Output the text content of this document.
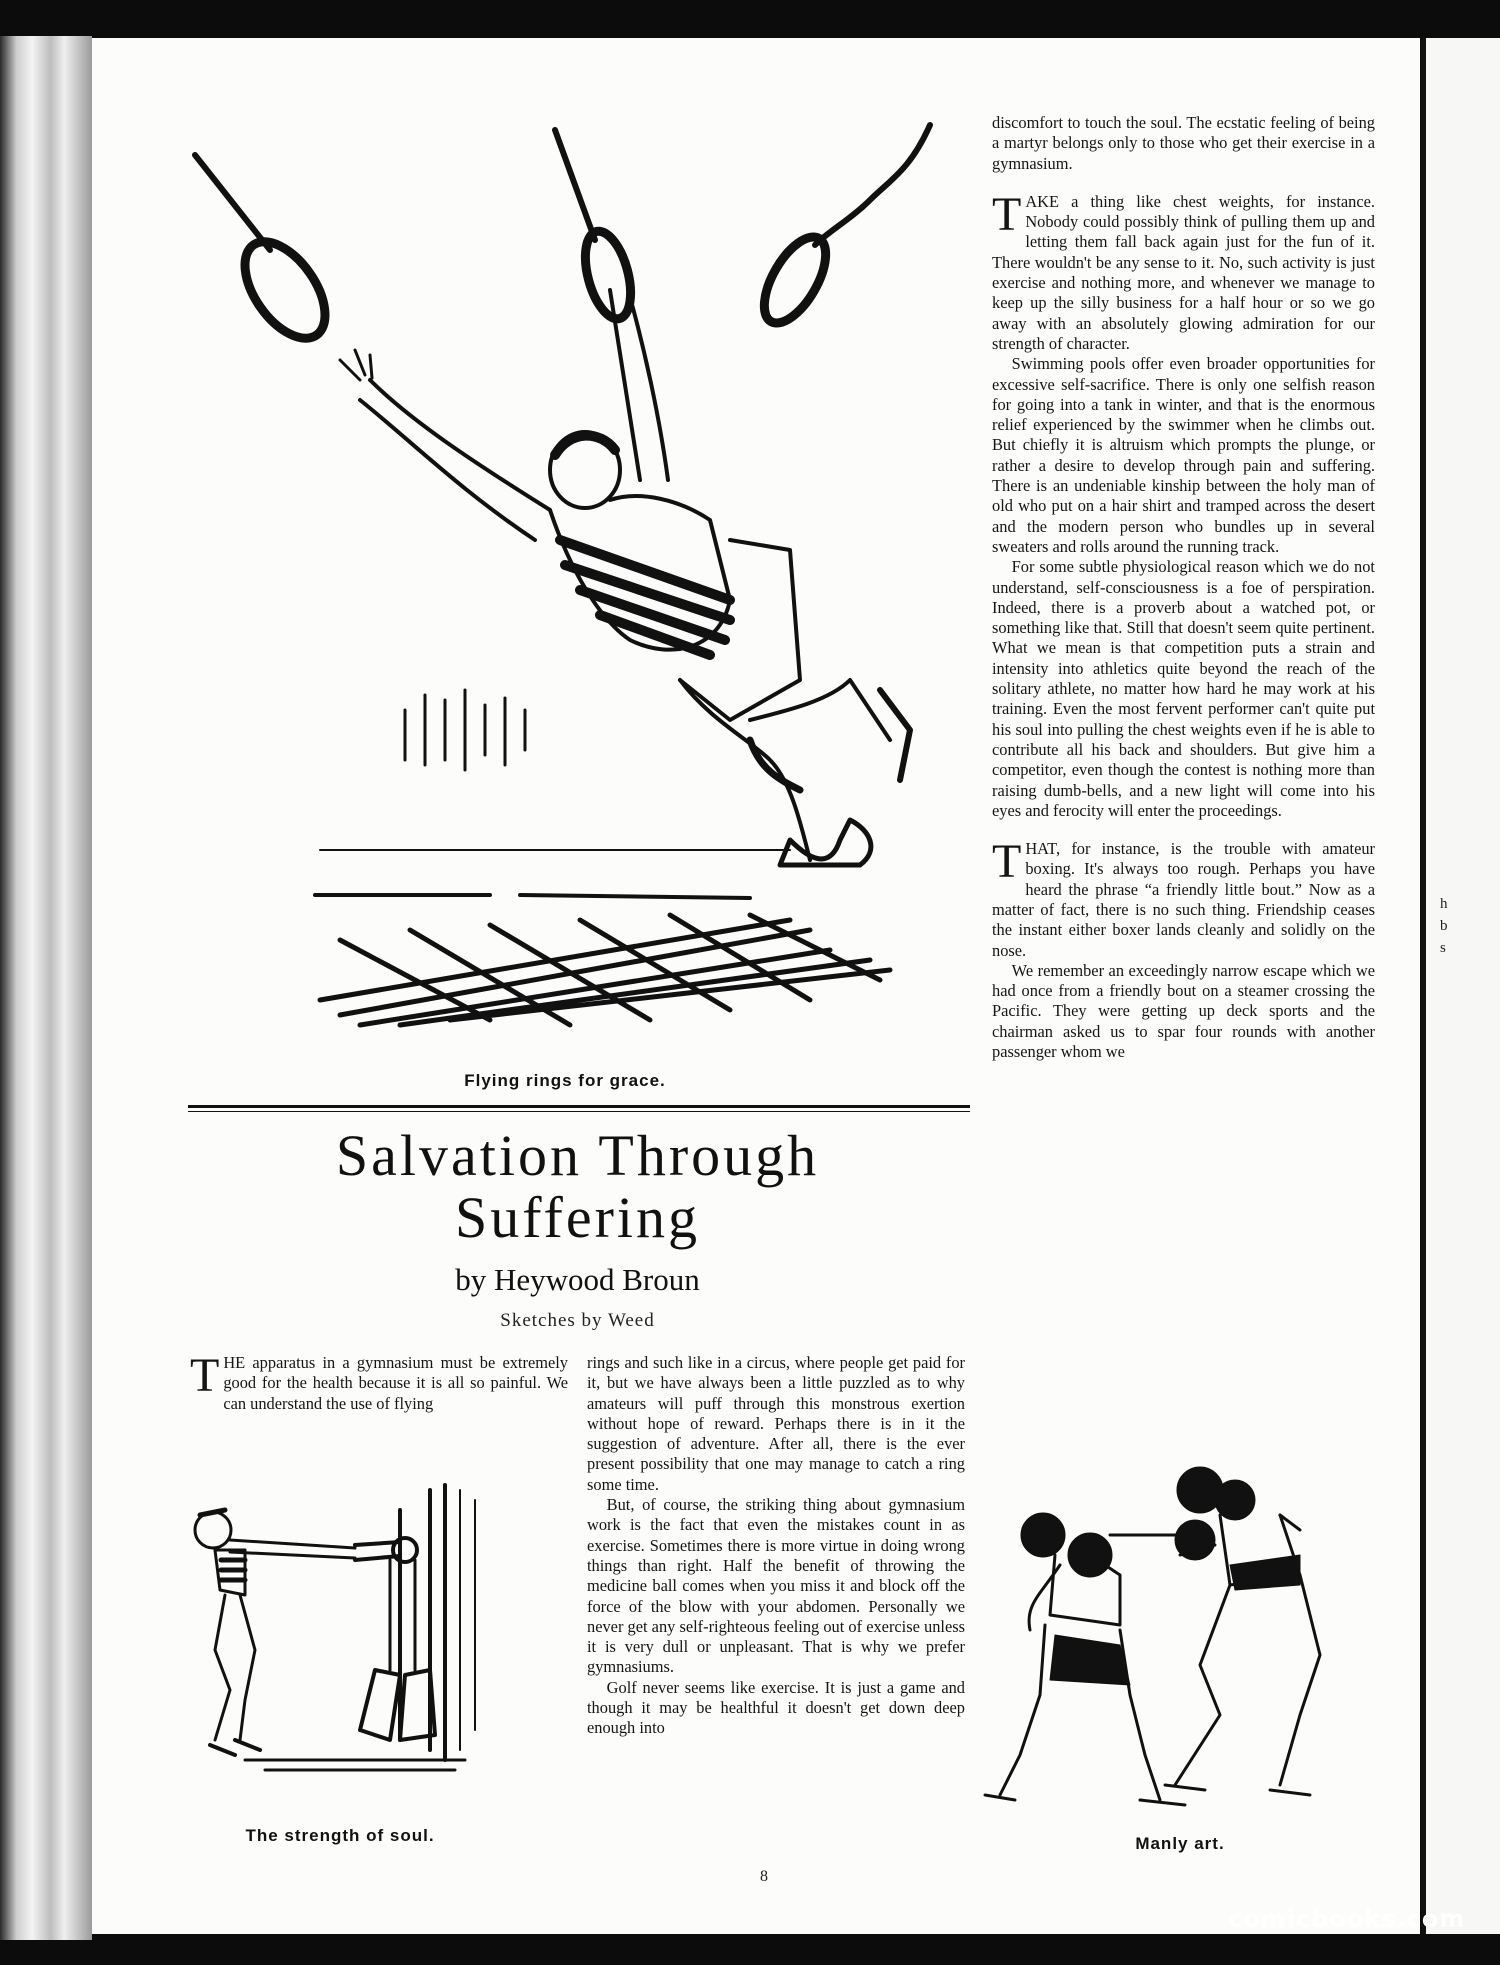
h
b
s
Flying rings for grace.
Salvation Through
Suffering
by Heywood Broun
Sketches by Weed

THE apparatus in a gymnasium must be extremely good for the health because it is all so painful. We can understand the use of flying

The strength of soul.

rings and such like in a circus, where people get paid for it, but we have always been a little puzzled as to why amateurs will puff through this monstrous exertion without hope of reward. Perhaps there is in it the suggestion of adventure. After all, there is the ever present possibility that one may manage to catch a ring some time.

But, of course, the striking thing about gymnasium work is the fact that even the mistakes count in as exercise. Sometimes there is more virtue in doing wrong things than right. Half the benefit of throwing the medicine ball comes when you miss it and block off the force of the blow with your abdomen. Personally we never get any self-righteous feeling out of exercise unless it is very dull or unpleasant. That is why we prefer gymnasiums.

Golf never seems like exercise. It is just a game and though it may be healthful it doesn't get down deep enough into

discomfort to touch the soul. The ecstatic feeling of being a martyr belongs only to those who get their exercise in a gymnasium.

TAKE a thing like chest weights, for instance. Nobody could possibly think of pulling them up and letting them fall back again just for the fun of it. There wouldn't be any sense to it. No, such activity is just exercise and nothing more, and whenever we manage to keep up the silly business for a half hour or so we go away with an absolutely glowing admiration for our strength of character.

Swimming pools offer even broader opportunities for excessive self-sacrifice. There is only one selfish reason for going into a tank in winter, and that is the enormous relief experienced by the swimmer when he climbs out. But chiefly it is altruism which prompts the plunge, or rather a desire to develop through pain and suffering. There is an undeniable kinship between the holy man of old who put on a hair shirt and tramped across the desert and the modern person who bundles up in several sweaters and rolls around the running track.

For some subtle physiological reason which we do not understand, self-consciousness is a foe of perspiration. Indeed, there is a proverb about a watched pot, or something like that. Still that doesn't seem quite pertinent. What we mean is that competition puts a strain and intensity into athletics quite beyond the reach of the solitary athlete, no matter how hard he may work at his training. Even the most fervent performer can't quite put his soul into pulling the chest weights even if he is able to contribute all his back and shoulders. But give him a competitor, even though the contest is nothing more than raising dumb-bells, and a new light will come into his eyes and ferocity will enter the proceedings.

THAT, for instance, is the trouble with amateur boxing. It's always too rough. Perhaps you have heard the phrase “a friendly little bout.” Now as a matter of fact, there is no such thing. Friendship ceases the instant either boxer lands cleanly and solidly on the nose.

We remember an exceedingly narrow escape which we had once from a friendly bout on a steamer crossing the Pacific. They were getting up deck sports and the chairman asked us to spar four rounds with another passenger whom we

Manly art.
8
comicbooks.com
